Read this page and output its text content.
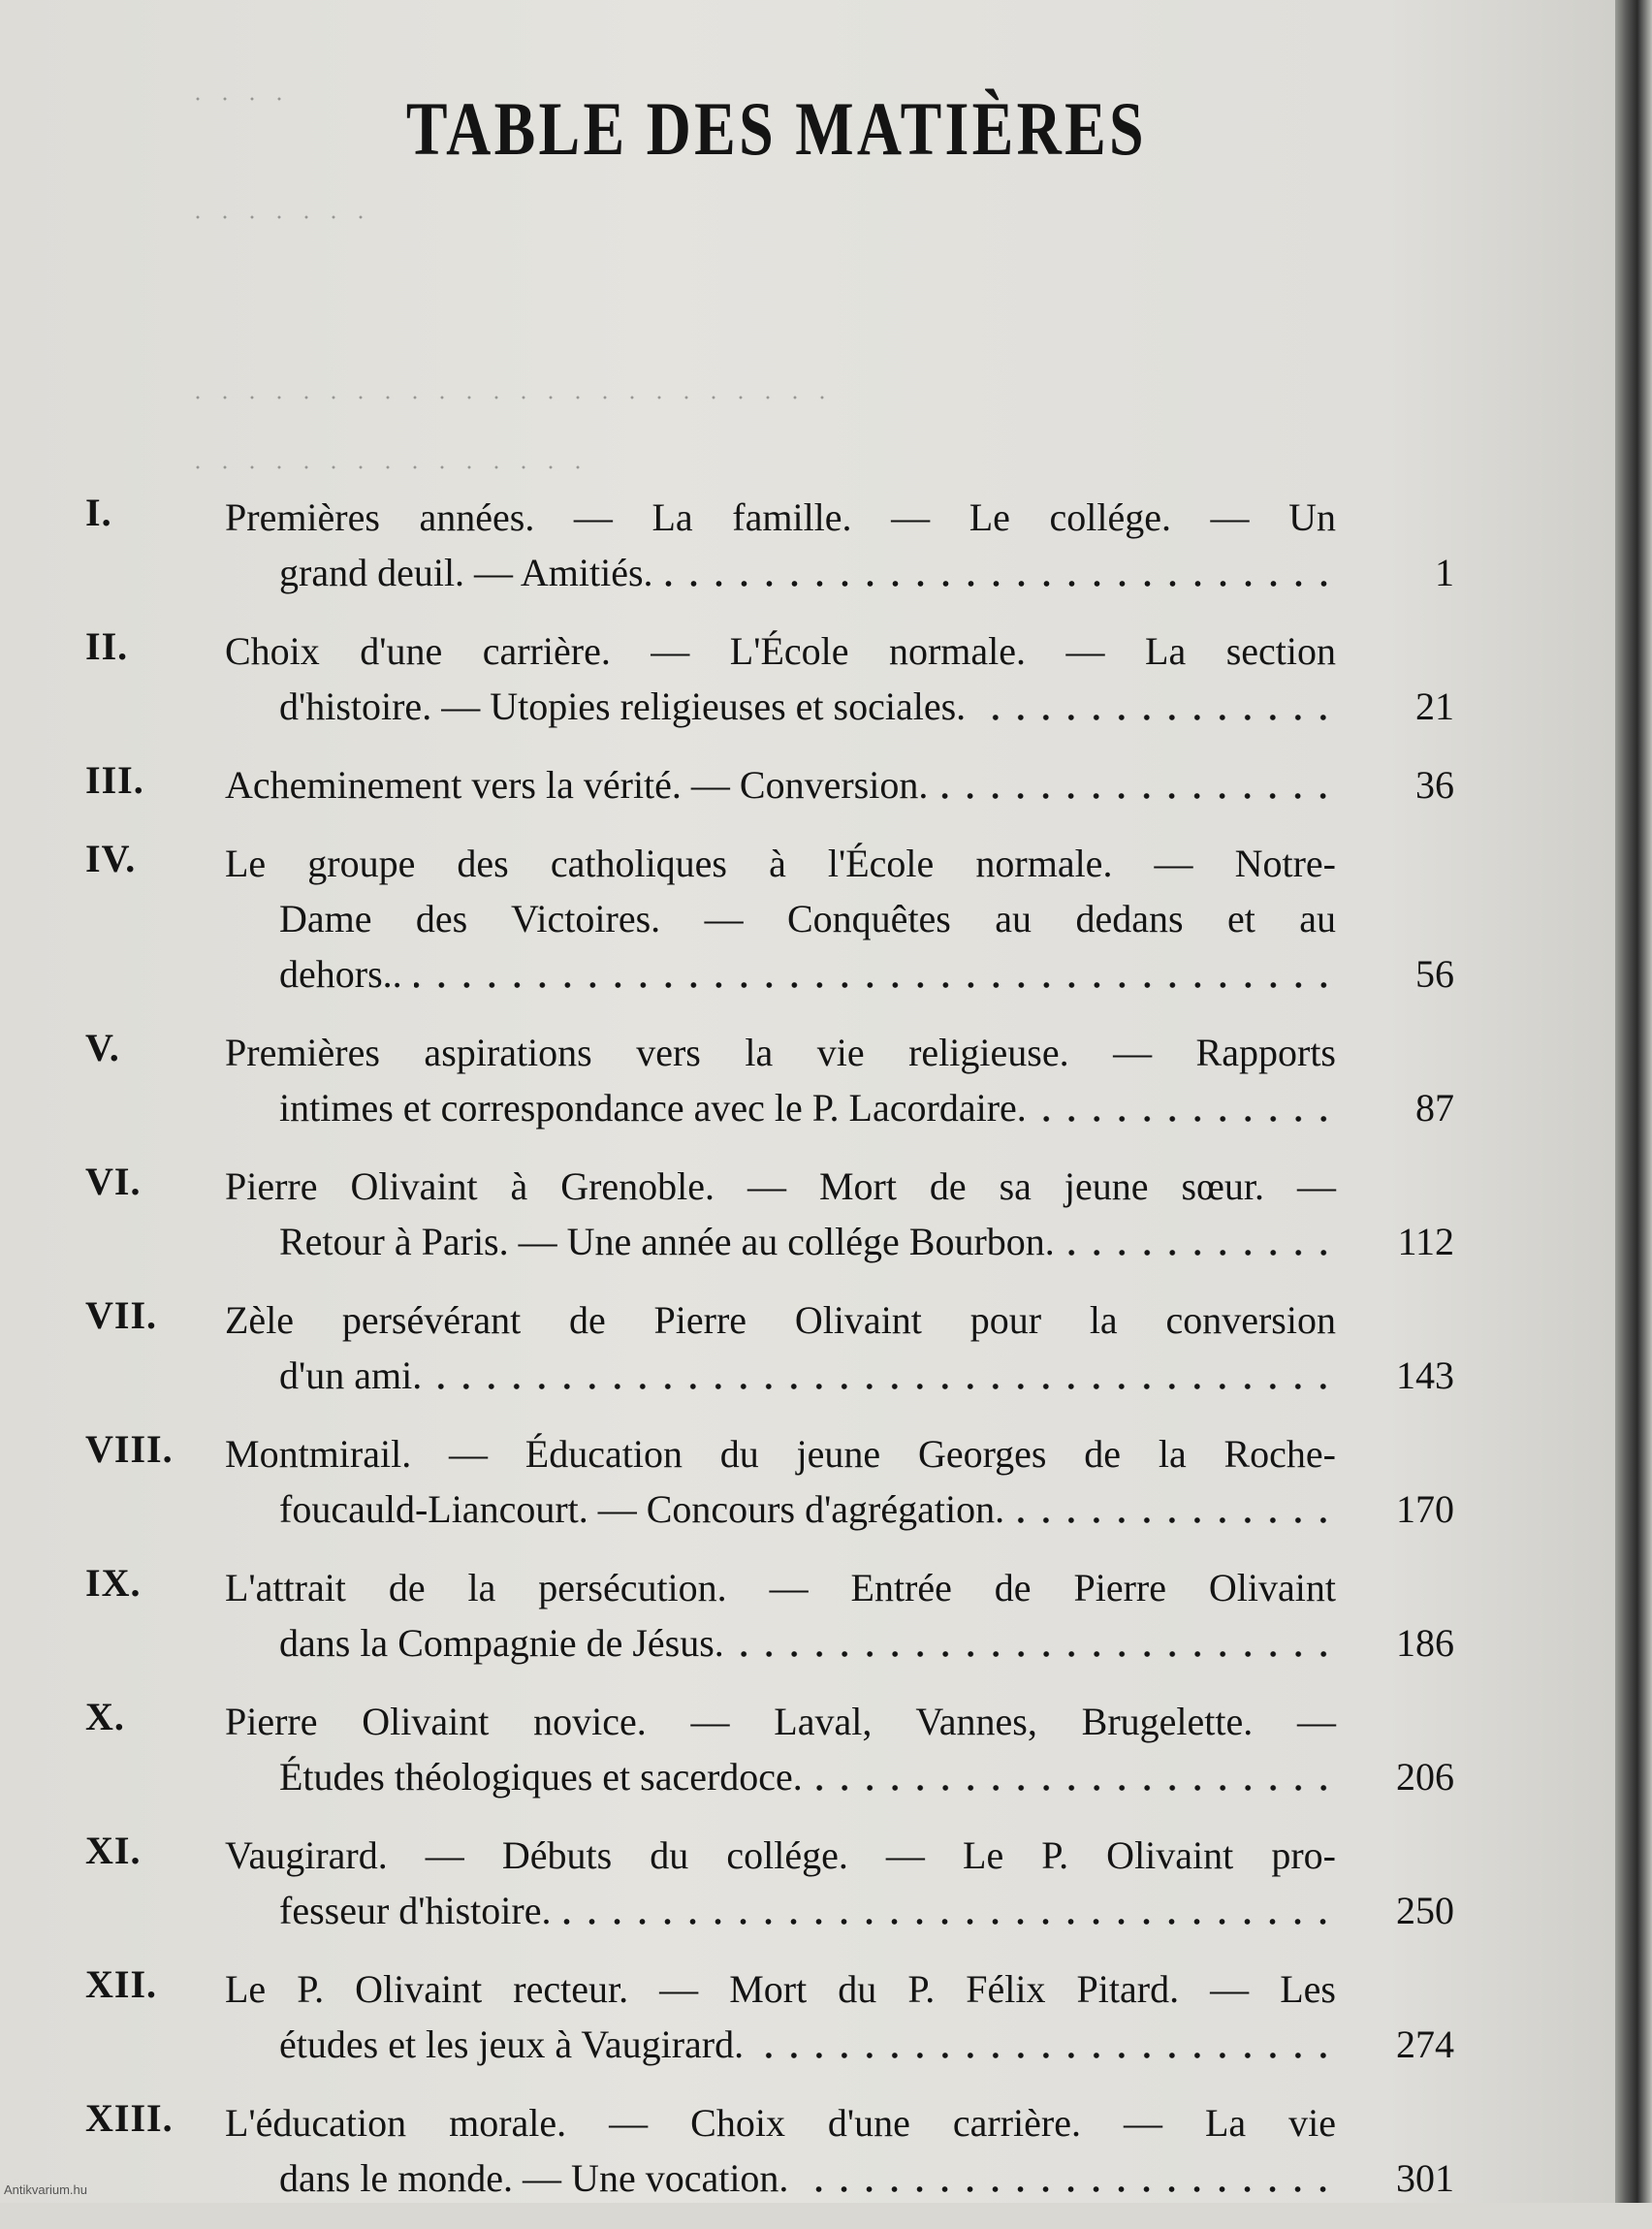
TABLE DES MATIÈRES
I.	Premières années. — La famille. — Le collége. — Un
grand deuil. — Amitiés.	1
II. Choix d'une carrière. — L'École normale. — La section
d'histoire. — Utopies religieuses et sociales.	21
III. Acheminement vers la vérité. — Conversion.	36
IV. Le groupe des catholiques à l'École normale. — Notre-
Dame des Victoires. — Conquêtes au dedans et au
dehors..	56
V.	Premières aspirations vers la vie religieuse. — Rapports
intimes et correspondance avec le P. Lacordaire.	87
VI. Pierre Olivaint à Grenoble. — Mort de sa jeune sœur. —
Retour à Paris. — Une année au collége Bourbon.	112
VII. Zèle persévérant de Pierre Olivaint pour la conversion
d'un ami.	143
VIII. Montmirail. — Éducation du jeune Georges de la Roche-
foucauld-Liancourt. — Concours d'agrégation.	170
IX. L'attrait de la persécution. — Entrée de Pierre Olivaint
dans la Compagnie de Jésus.	186
X.	Pierre Olivaint novice. — Laval, Vannes, Brugelette. —
Études théologiques et sacerdoce.	206
XI. Vaugirard. — Débuts du collége. — Le P. Olivaint pro-
fesseur d'histoire.	250
XII. Le P. Olivaint recteur. — Mort du P. Félix Pitard. — Les
études et les jeux à Vaugirard.	274
XIII. L'éducation morale. — Choix d'une carrière. — La vie
dans le monde. — Une vocation.	301
Antikvarium.hu
